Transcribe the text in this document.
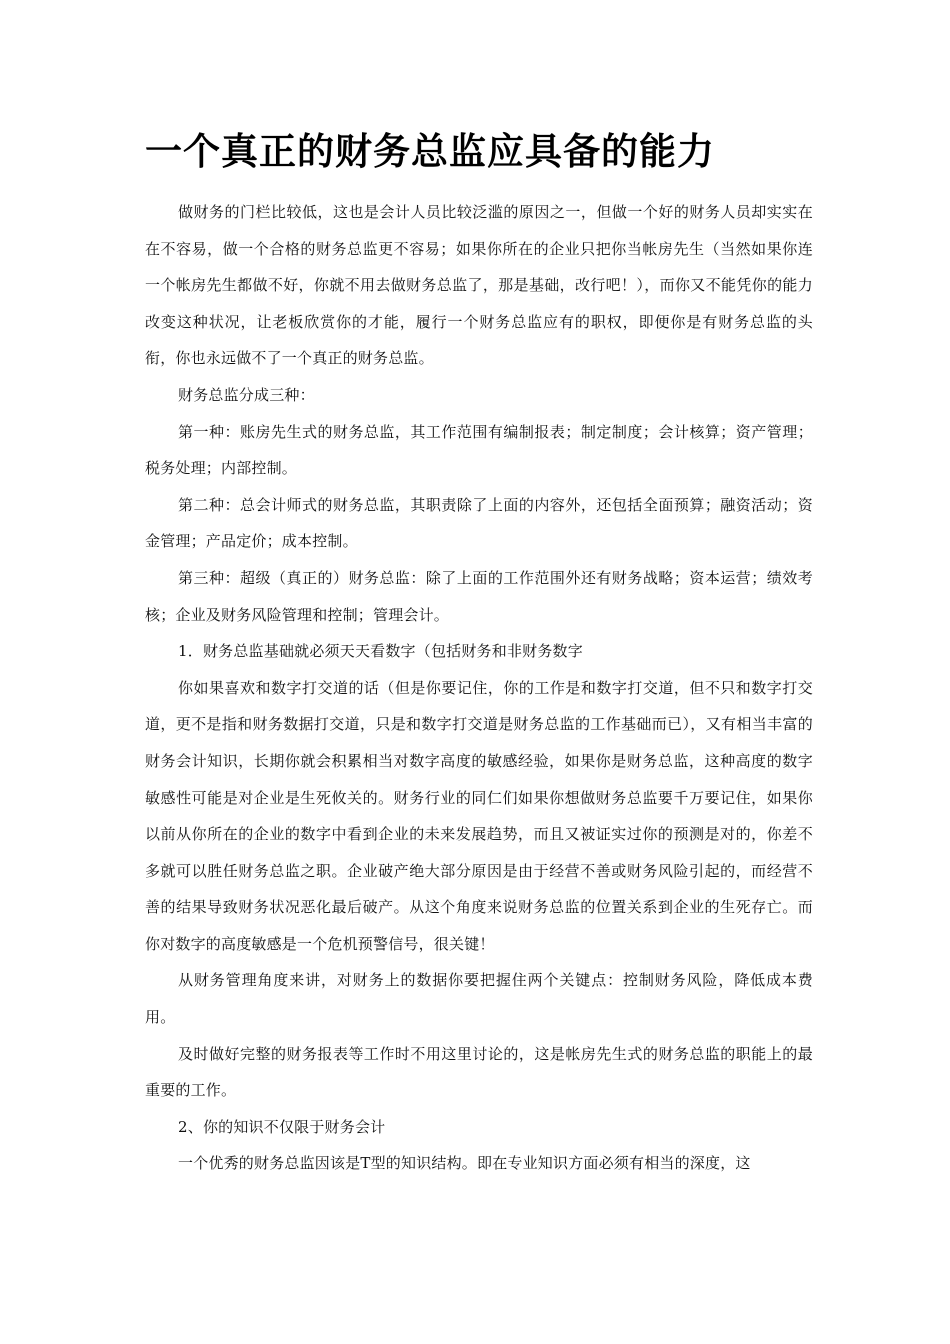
一个真正的财务总监应具备的能力

做财务的门栏比较低，这也是会计人员比较泛滥的原因之一，但做一个好的财务人员却实实在在不容易，做一个合格的财务总监更不容易；如果你所在的企业只把你当帐房先生（当然如果你连一个帐房先生都做不好，你就不用去做财务总监了，那是基础，改行吧！），而你又不能凭你的能力改变这种状况，让老板欣赏你的才能，履行一个财务总监应有的职权，即便你是有财务总监的头衔，你也永远做不了一个真正的财务总监。

财务总监分成三种：

第一种：账房先生式的财务总监，其工作范围有编制报表；制定制度；会计核算；资产管理；税务处理；内部控制。

第二种：总会计师式的财务总监，其职责除了上面的内容外，还包括全面预算；融资活动；资金管理；产品定价；成本控制。

第三种：超级（真正的）财务总监：除了上面的工作范围外还有财务战略；资本运营；绩效考核；企业及财务风险管理和控制；管理会计。

1．财务总监基础就必须天天看数字（包括财务和非财务数字

你如果喜欢和数字打交道的话（但是你要记住，你的工作是和数字打交道，但不只和数字打交道，更不是指和财务数据打交道，只是和数字打交道是财务总监的工作基础而已），又有相当丰富的财务会计知识，长期你就会积累相当对数字高度的敏感经验，如果你是财务总监，这种高度的数字敏感性可能是对企业是生死攸关的。财务行业的同仁们如果你想做财务总监要千万要记住，如果你以前从你所在的企业的数字中看到企业的未来发展趋势，而且又被证实过你的预测是对的，你差不多就可以胜任财务总监之职。企业破产绝大部分原因是由于经营不善或财务风险引起的，而经营不善的结果导致财务状况恶化最后破产。从这个角度来说财务总监的位置关系到企业的生死存亡。而你对数字的高度敏感是一个危机预警信号，很关键！

从财务管理角度来讲，对财务上的数据你要把握住两个关键点：控制财务风险，降低成本费用。

及时做好完整的财务报表等工作时不用这里讨论的，这是帐房先生式的财务总监的职能上的最重要的工作。

2、你的知识不仅限于财务会计

一个优秀的财务总监因该是T型的知识结构。即在专业知识方面必须有相当的深度，这
